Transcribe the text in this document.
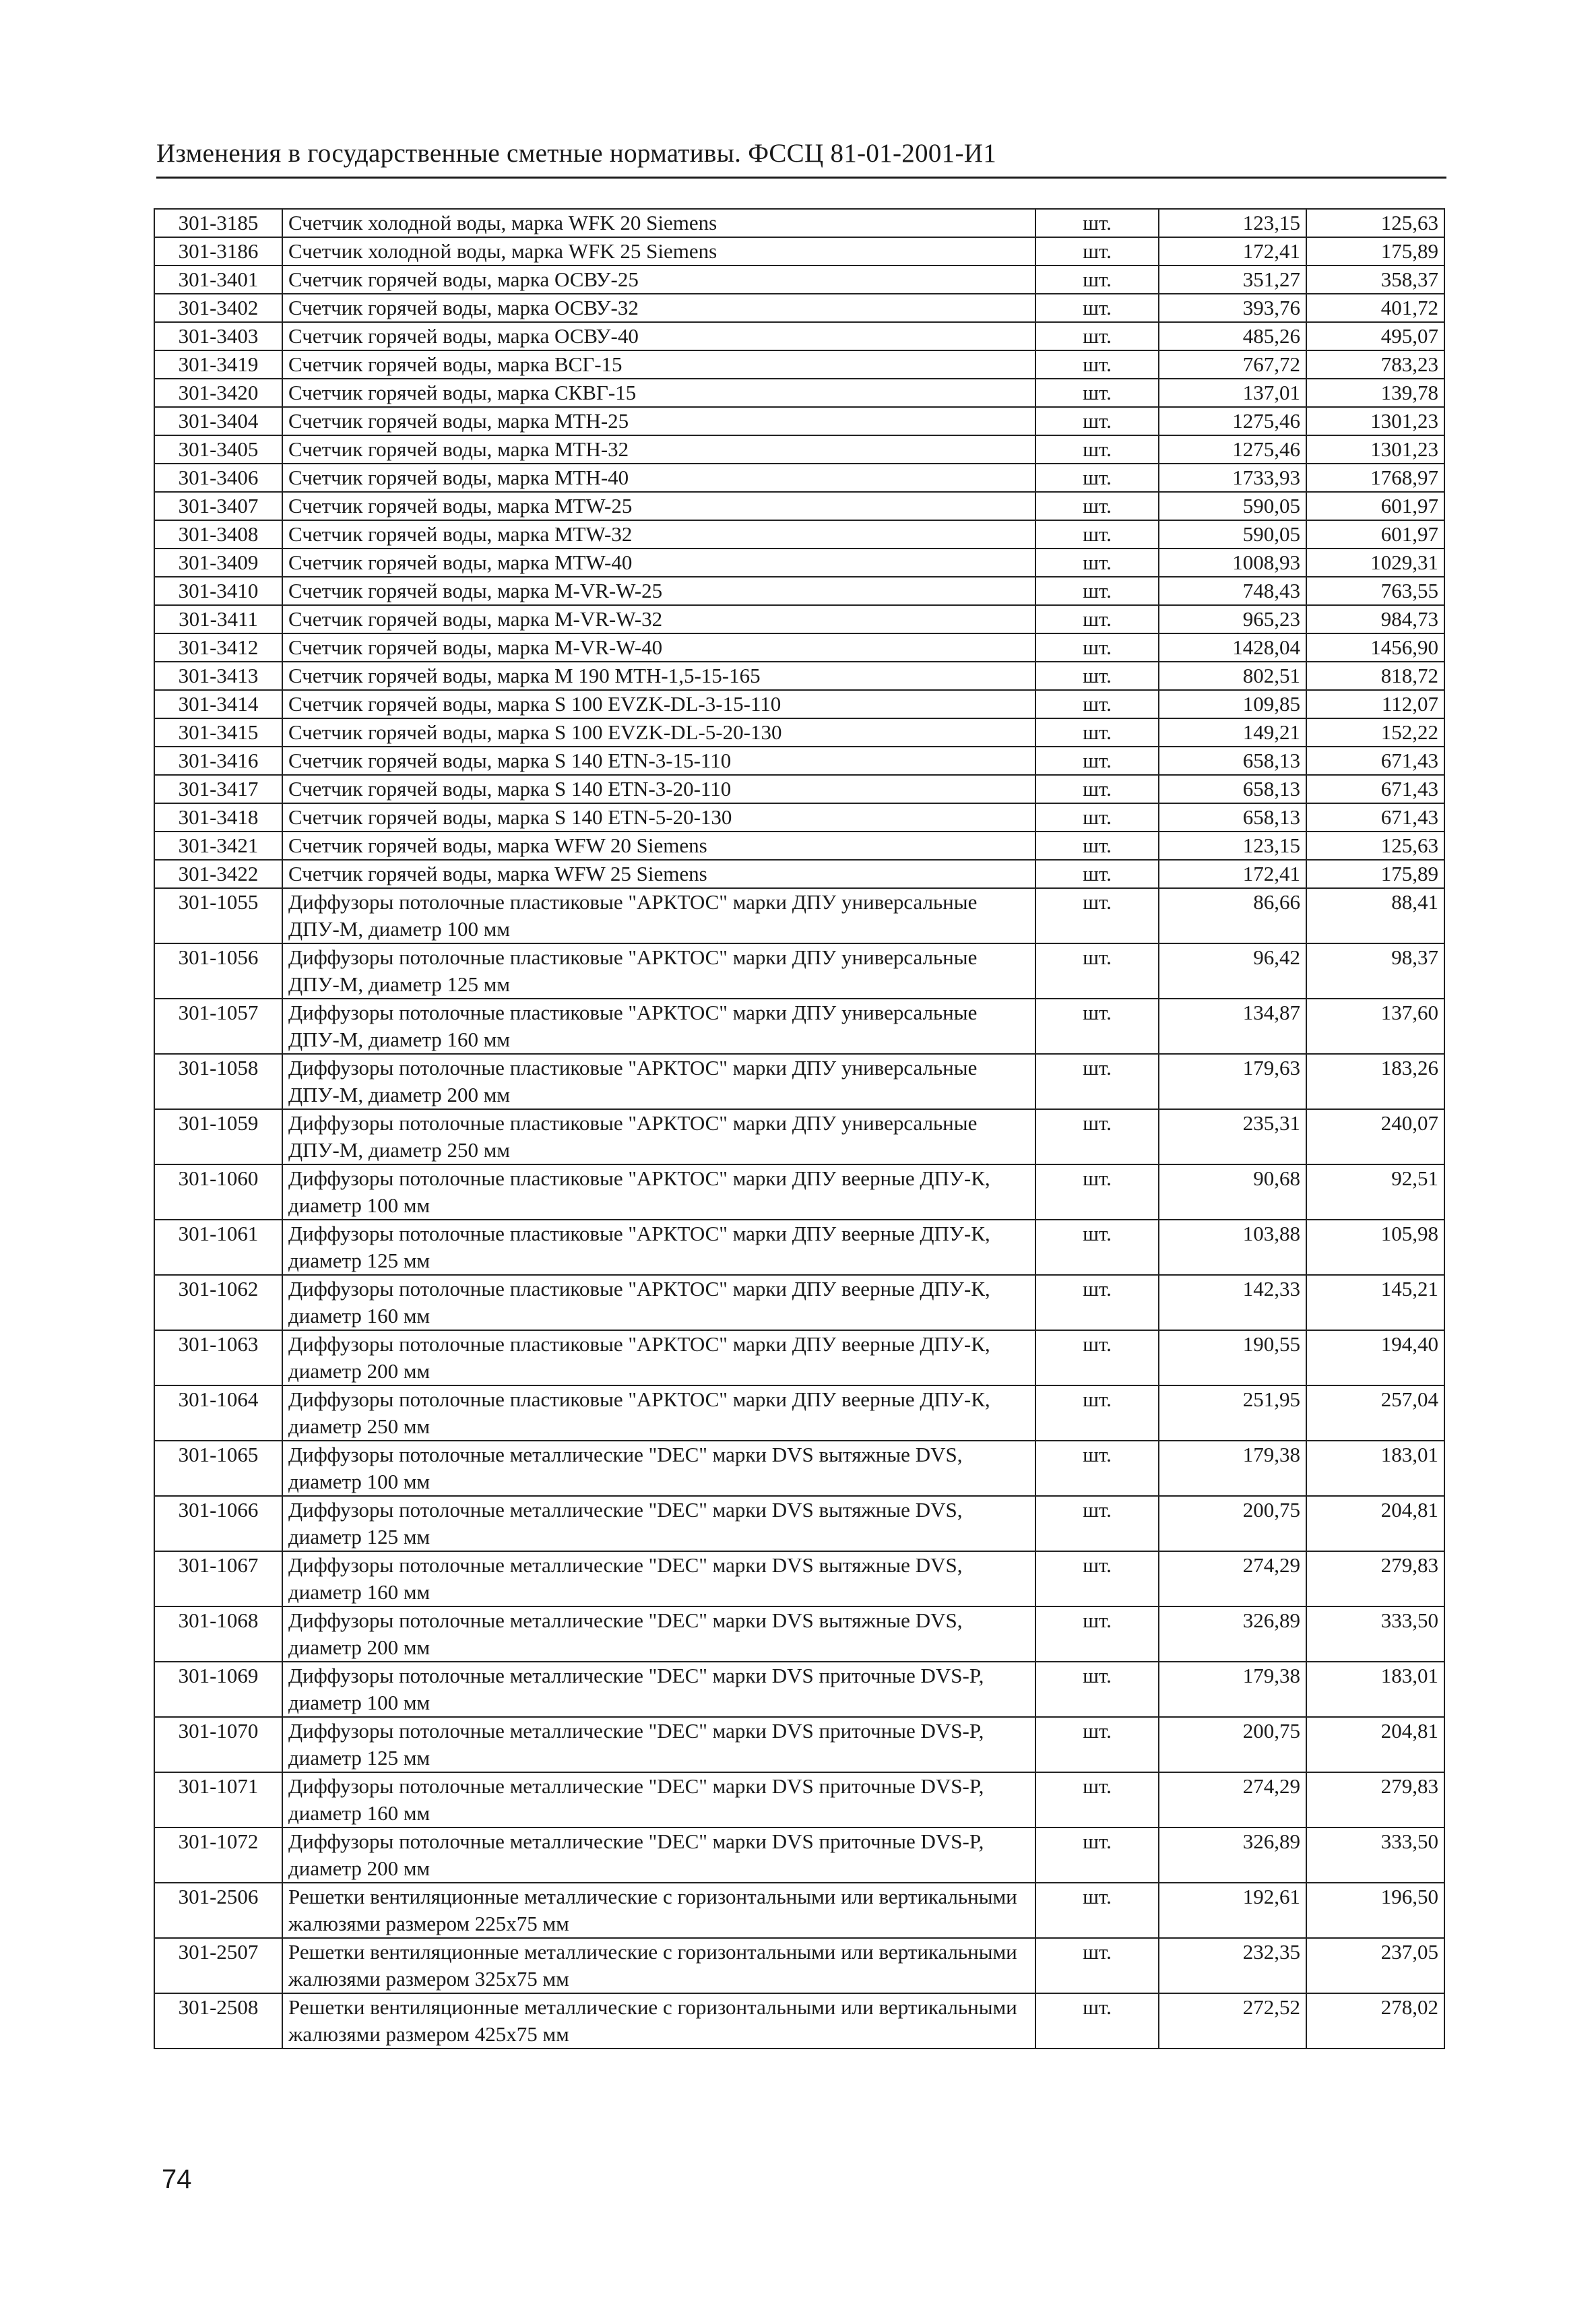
Изменения в государственные сметные нормативы. ФССЦ 81-01-2001-И1
301-3185	Счетчик холодной воды, марка WFK 20 Siemens	шт.	123,15	125,63
301-3186	Счетчик холодной воды, марка WFK 25 Siemens	шт.	172,41	175,89
301-3401	Счетчик горячей воды, марка ОСВУ-25	шт.	351,27	358,37
301-3402	Счетчик горячей воды, марка ОСВУ-32	шт.	393,76	401,72
301-3403	Счетчик горячей воды, марка ОСВУ-40	шт.	485,26	495,07
301-3419	Счетчик горячей воды, марка ВСГ-15	шт.	767,72	783,23
301-3420	Счетчик горячей воды, марка СКВГ-15	шт.	137,01	139,78
301-3404	Счетчик горячей воды, марка МТН-25	шт.	1275,46	1301,23
301-3405	Счетчик горячей воды, марка МТН-32	шт.	1275,46	1301,23
301-3406	Счетчик горячей воды, марка МТН-40	шт.	1733,93	1768,97
301-3407	Счетчик горячей воды, марка MTW-25	шт.	590,05	601,97
301-3408	Счетчик горячей воды, марка MTW-32	шт.	590,05	601,97
301-3409	Счетчик горячей воды, марка MTW-40	шт.	1008,93	1029,31
301-3410	Счетчик горячей воды, марка M-VR-W-25	шт.	748,43	763,55
301-3411	Счетчик горячей воды, марка M-VR-W-32	шт.	965,23	984,73
301-3412	Счетчик горячей воды, марка M-VR-W-40	шт.	1428,04	1456,90
301-3413	Счетчик горячей воды, марка М 190 МТН-1,5-15-165	шт.	802,51	818,72
301-3414	Счетчик горячей воды, марка S 100 EVZK-DL-3-15-110	шт.	109,85	112,07
301-3415	Счетчик горячей воды, марка S 100 EVZK-DL-5-20-130	шт.	149,21	152,22
301-3416	Счетчик горячей воды, марка S 140 ETN-3-15-110	шт.	658,13	671,43
301-3417	Счетчик горячей воды, марка S 140 ETN-3-20-110	шт.	658,13	671,43
301-3418	Счетчик горячей воды, марка S 140 ETN-5-20-130	шт.	658,13	671,43
301-3421	Счетчик горячей воды, марка WFW 20 Siemens	шт.	123,15	125,63
301-3422	Счетчик горячей воды, марка WFW 25 Siemens	шт.	172,41	175,89
301-1055	Диффузоры потолочные пластиковые "АРКТОС" марки ДПУ универсальные ДПУ-М, диаметр 100 мм	шт.	86,66	88,41
301-1056	Диффузоры потолочные пластиковые "АРКТОС" марки ДПУ универсальные ДПУ-М, диаметр 125 мм	шт.	96,42	98,37
301-1057	Диффузоры потолочные пластиковые "АРКТОС" марки ДПУ универсальные ДПУ-М, диаметр 160 мм	шт.	134,87	137,60
301-1058	Диффузоры потолочные пластиковые "АРКТОС" марки ДПУ универсальные ДПУ-М, диаметр 200 мм	шт.	179,63	183,26
301-1059	Диффузоры потолочные пластиковые "АРКТОС" марки ДПУ универсальные ДПУ-М, диаметр 250 мм	шт.	235,31	240,07
301-1060	Диффузоры потолочные пластиковые "АРКТОС" марки ДПУ веерные ДПУ-К, диаметр 100 мм	шт.	90,68	92,51
301-1061	Диффузоры потолочные пластиковые "АРКТОС" марки ДПУ веерные ДПУ-К, диаметр 125 мм	шт.	103,88	105,98
301-1062	Диффузоры потолочные пластиковые "АРКТОС" марки ДПУ веерные ДПУ-К, диаметр 160 мм	шт.	142,33	145,21
301-1063	Диффузоры потолочные пластиковые "АРКТОС" марки ДПУ веерные ДПУ-К, диаметр 200 мм	шт.	190,55	194,40
301-1064	Диффузоры потолочные пластиковые "АРКТОС" марки ДПУ веерные ДПУ-К, диаметр 250 мм	шт.	251,95	257,04
301-1065	Диффузоры потолочные металлические "DEC" марки DVS вытяжные DVS, диаметр 100 мм	шт.	179,38	183,01
301-1066	Диффузоры потолочные металлические "DEC" марки DVS вытяжные DVS, диаметр 125 мм	шт.	200,75	204,81
301-1067	Диффузоры потолочные металлические "DEC" марки DVS вытяжные DVS, диаметр 160 мм	шт.	274,29	279,83
301-1068	Диффузоры потолочные металлические "DEC" марки DVS вытяжные DVS, диаметр 200 мм	шт.	326,89	333,50
301-1069	Диффузоры потолочные металлические "DEC" марки DVS приточные DVS-P, диаметр 100 мм	шт.	179,38	183,01
301-1070	Диффузоры потолочные металлические "DEC" марки DVS приточные DVS-P, диаметр 125 мм	шт.	200,75	204,81
301-1071	Диффузоры потолочные металлические "DEC" марки DVS приточные DVS-P, диаметр 160 мм	шт.	274,29	279,83
301-1072	Диффузоры потолочные металлические "DEC" марки DVS приточные DVS-P, диаметр 200 мм	шт.	326,89	333,50
301-2506	Решетки вентиляционные металлические с горизонтальными или вертикальными жалюзями размером 225х75 мм	шт.	192,61	196,50
301-2507	Решетки вентиляционные металлические с горизонтальными или вертикальными жалюзями размером 325х75 мм	шт.	232,35	237,05
301-2508	Решетки вентиляционные металлические с горизонтальными или вертикальными жалюзями размером 425х75 мм	шт.	272,52	278,02
74
